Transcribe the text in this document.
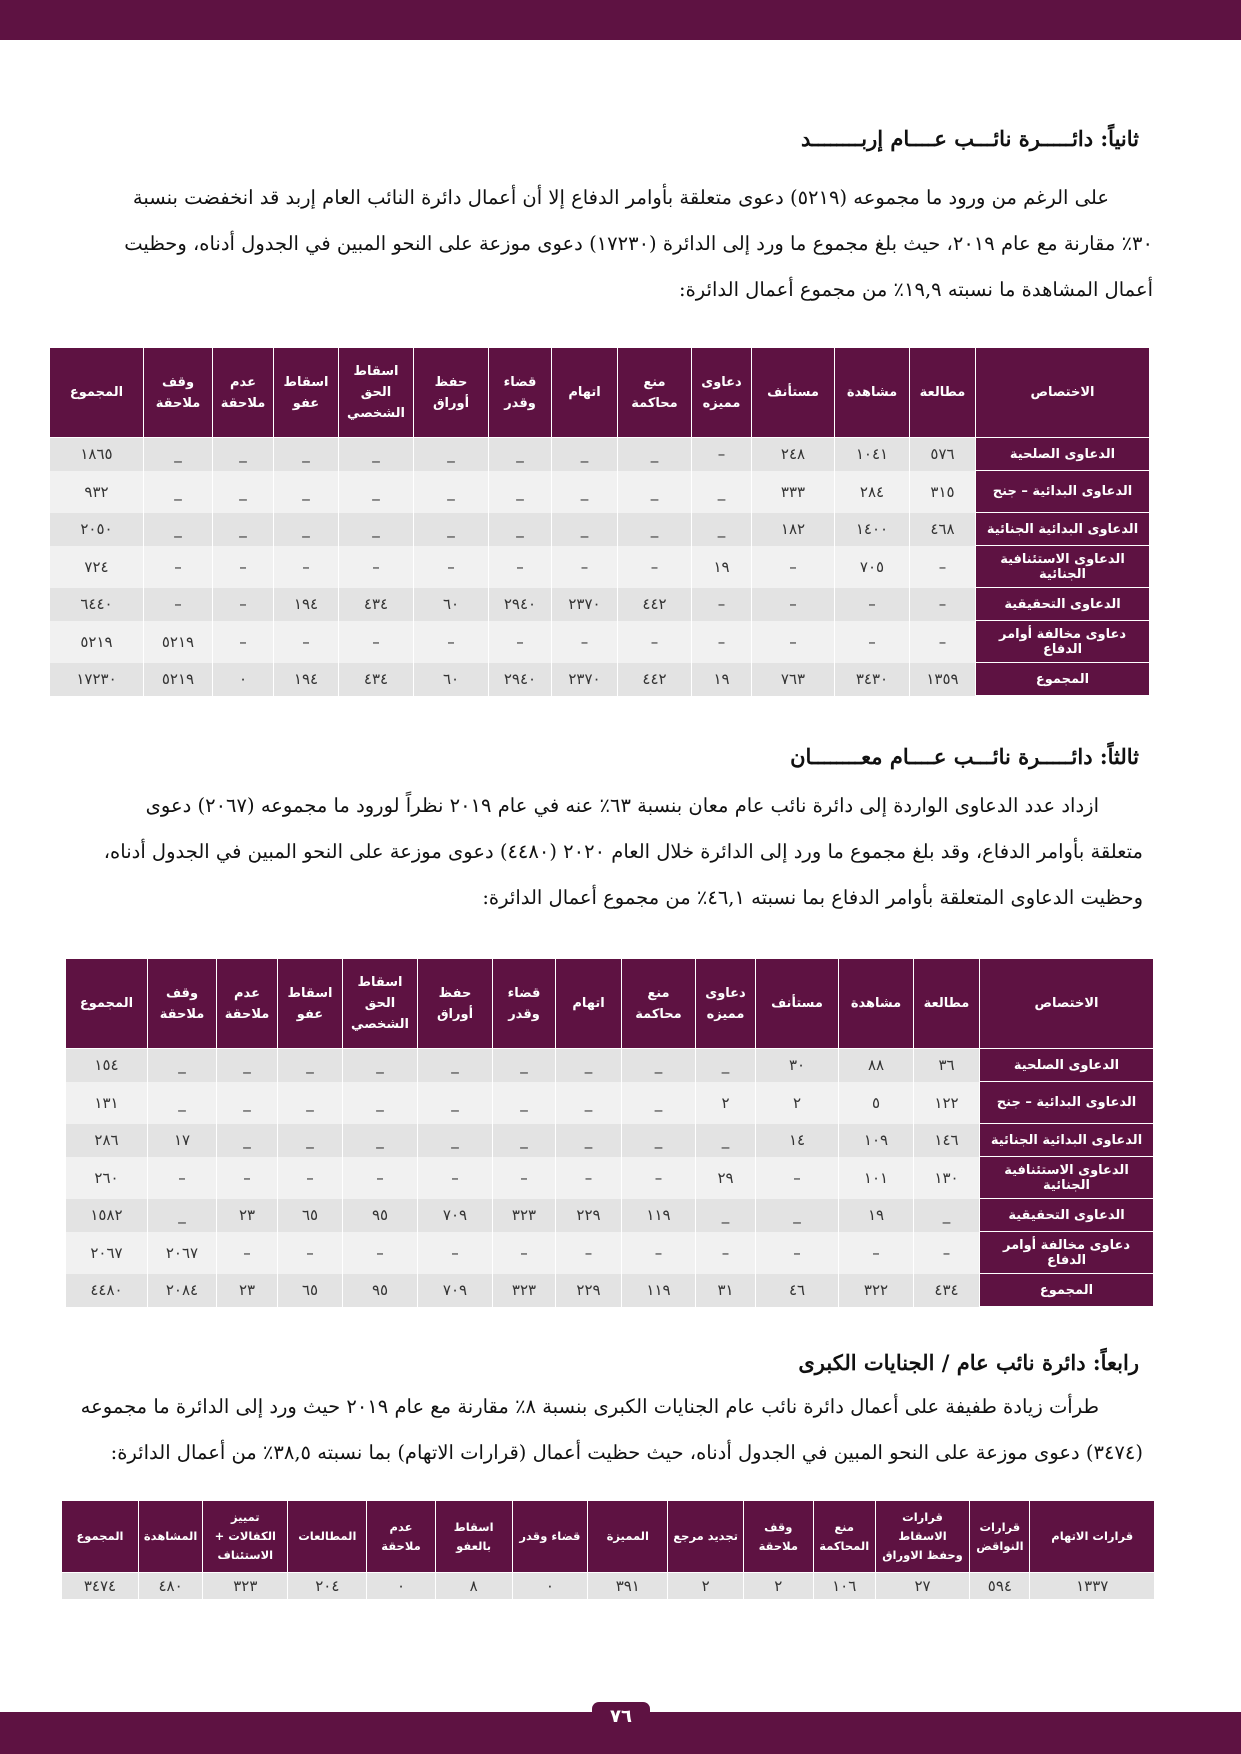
ثانياً: دائـــــرة نائـــب عــــام إربــــــــد
على الرغم من ورود ما مجموعه (٥٢١٩) دعوى متعلقة بأوامر الدفاع إلا أن أعمال دائرة النائب العام إربد قد انخفضت بنسبة
٣٠٪ مقارنة مع عام ٢٠١٩، حيث بلغ مجموع ما ورد إلى الدائرة (١٧٢٣٠) دعوى موزعة على النحو المبين في الجدول أدناه، وحظيت
أعمال المشاهدة ما نسبته ١٩,٩٪ من مجموع أعمال الدائرة:
الاختصاص	مطالعة	مشاهدة	مستأنف	دعاوى مميزه	منع محاكمة	اتهام	قضاء وقدر	حفظ أوراق	اسقاط الحق الشخصي	اسقاط عفو	عدم ملاحقة	وقف ملاحقة	المجموع
الدعاوى الصلحية	٥٧٦	١٠٤١	٢٤٨	–	_	_	_	_	_	_	_	_	١٨٦٥
الدعاوى البدائية – جنح	٣١٥	٢٨٤	٣٣٣	_	_	_	_	_	_	_	_	_	٩٣٢
الدعاوى البدائية الجنائية	٤٦٨	١٤٠٠	١٨٢	_	_	_	_	_	_	_	_	_	٢٠٥٠
الدعاوى الاستئنافية الجنائية	–	٧٠٥	–	١٩	–	–	–	–	–	–	–	–	٧٢٤
الدعاوى التحقيقية	–	–	–	–	٤٤٢	٢٣٧٠	٢٩٤٠	٦٠	٤٣٤	١٩٤	–	–	٦٤٤٠
دعاوى مخالفة أوامر الدفاع	–	–	–	–	–	–	–	–	–	–	–	٥٢١٩	٥٢١٩
المجموع	١٣٥٩	٣٤٣٠	٧٦٣	١٩	٤٤٢	٢٣٧٠	٢٩٤٠	٦٠	٤٣٤	١٩٤	٠	٥٢١٩	١٧٢٣٠
ثالثاً: دائـــــرة نائـــب عــــام معــــــــان
ازداد عدد الدعاوى الواردة إلى دائرة نائب عام معان بنسبة ٦٣٪ عنه في عام ٢٠١٩ نظراً لورود ما مجموعه (٢٠٦٧) دعوى
متعلقة بأوامر الدفاع، وقد بلغ مجموع ما ورد إلى الدائرة خلال العام ٢٠٢٠ (٤٤٨٠) دعوى موزعة على النحو المبين في الجدول أدناه،
وحظيت الدعاوى المتعلقة بأوامر الدفاع بما نسبته ٤٦,١٪ من مجموع أعمال الدائرة:
الاختصاص	مطالعة	مشاهدة	مستأنف	دعاوى مميزه	منع محاكمة	اتهام	قضاء وقدر	حفظ أوراق	اسقاط الحق الشخصي	اسقاط عفو	عدم ملاحقة	وقف ملاحقة	المجموع
الدعاوى الصلحية	٣٦	٨٨	٣٠	_	_	_	_	_	_	_	_	_	١٥٤
الدعاوى البدائية – جنح	١٢٢	٥	٢	٢	_	_	_	_	_	_	_	_	١٣١
الدعاوى البدائية الجنائية	١٤٦	١٠٩	١٤	_	_	_	_	_	_	_	_	١٧	٢٨٦
الدعاوى الاستئنافية الجنائية	١٣٠	١٠١	–	٢٩	–	–	–	–	–	–	–	–	٢٦٠
الدعاوى التحقيقية	_	١٩	_	_	١١٩	٢٢٩	٣٢٣	٧٠٩	٩٥	٦٥	٢٣	_	١٥٨٢
دعاوى مخالفة أوامر الدفاع	–	–	–	–	–	–	–	–	–	–	–	٢٠٦٧	٢٠٦٧
المجموع	٤٣٤	٣٢٢	٤٦	٣١	١١٩	٢٢٩	٣٢٣	٧٠٩	٩٥	٦٥	٢٣	٢٠٨٤	٤٤٨٠
رابعاً: دائرة نائب عام / الجنايات الكبرى
طرأت زيادة طفيفة على أعمال دائرة نائب عام الجنايات الكبرى بنسبة ٨٪ مقارنة مع عام ٢٠١٩ حيث ورد إلى الدائرة ما مجموعه
(٣٤٧٤) دعوى موزعة على النحو المبين في الجدول أدناه، حيث حظيت أعمال (قرارات الاتهام) بما نسبته ٣٨,٥٪ من أعمال الدائرة:
قرارات الاتهام	قرارات النواقض	قرارات الاسقاط وحفظ الاوراق	منع المحاكمة	وقف ملاحقة	تجديد مرجع	المميزة	قضاء وقدر	اسقاط بالعفو	عدم ملاحقة	المطالعات	تمييز الكفالات + الاستئناف	المشاهدة	المجموع
١٣٣٧	٥٩٤	٢٧	١٠٦	٢	٢	٣٩١	٠	٨	٠	٢٠٤	٣٢٣	٤٨٠	٣٤٧٤
٧٦
